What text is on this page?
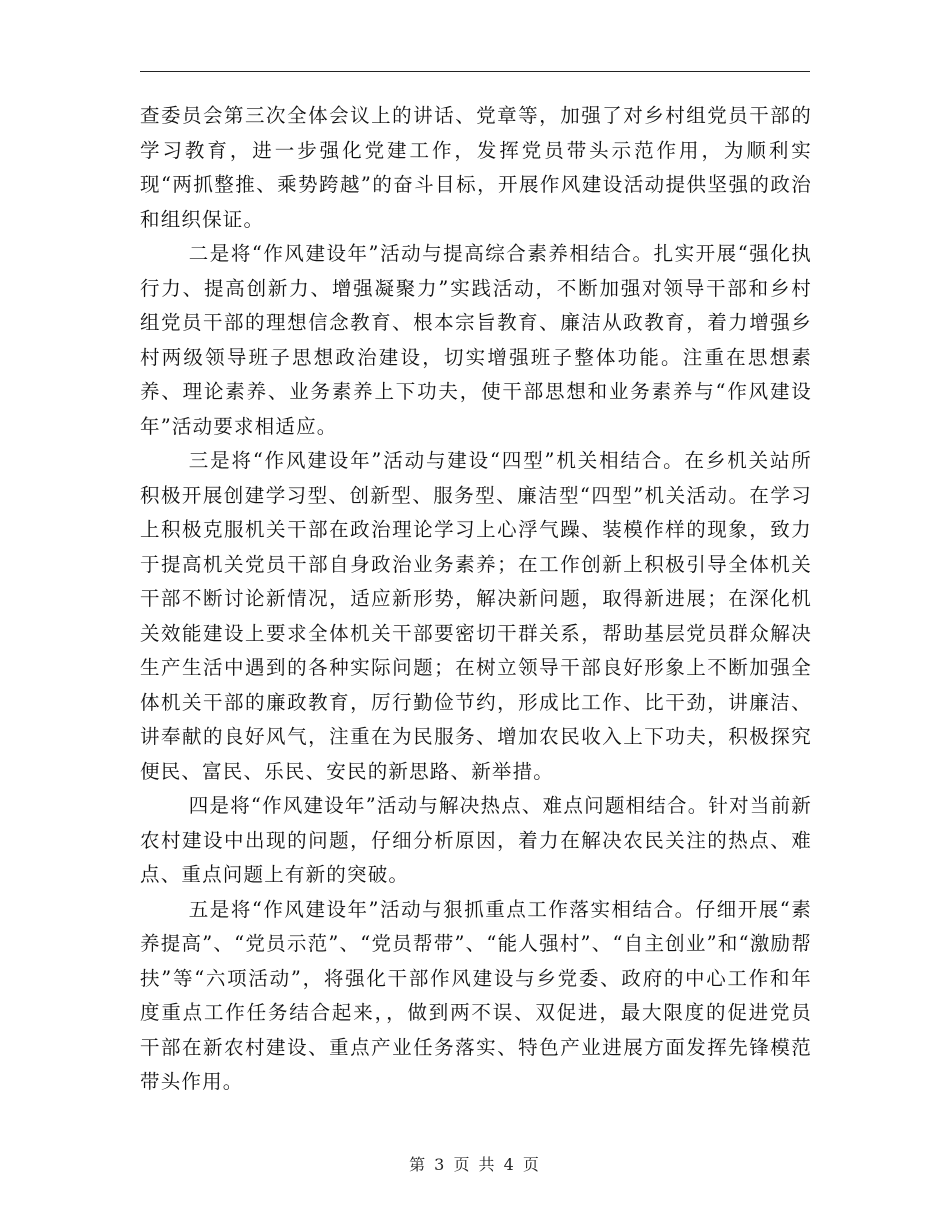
查委员会第三次全体会议上的讲话、党章等，加强了对乡村组党员干部的学习教育，进一步强化党建工作，发挥党员带头示范作用，为顺利实现“两抓整推、乘势跨越”的奋斗目标，开展作风建设活动提供坚强的政治和组织保证。

二是将“作风建设年”活动与提高综合素养相结合。扎实开展“强化执行力、提高创新力、增强凝聚力”实践活动，不断加强对领导干部和乡村组党员干部的理想信念教育、根本宗旨教育、廉洁从政教育，着力增强乡村两级领导班子思想政治建设，切实增强班子整体功能。注重在思想素养、理论素养、业务素养上下功夫，使干部思想和业务素养与“作风建设年”活动要求相适应。

三是将“作风建设年”活动与建设“四型”机关相结合。在乡机关站所积极开展创建学习型、创新型、服务型、廉洁型“四型”机关活动。在学习上积极克服机关干部在政治理论学习上心浮气躁、装模作样的现象，致力于提高机关党员干部自身政治业务素养；在工作创新上积极引导全体机关干部不断讨论新情况，适应新形势，解决新问题，取得新进展；在深化机关效能建设上要求全体机关干部要密切干群关系，帮助基层党员群众解决生产生活中遇到的各种实际问题；在树立领导干部良好形象上不断加强全体机关干部的廉政教育，厉行勤俭节约，形成比工作、比干劲，讲廉洁、讲奉献的良好风气，注重在为民服务、增加农民收入上下功夫，积极探究便民、富民、乐民、安民的新思路、新举措。

四是将“作风建设年”活动与解决热点、难点问题相结合。针对当前新农村建设中出现的问题，仔细分析原因，着力在解决农民关注的热点、难点、重点问题上有新的突破。

五是将“作风建设年”活动与狠抓重点工作落实相结合。仔细开展“素养提高”、“党员示范”、“党员帮带”、“能人强村”、“自主创业”和“激励帮扶”等“六项活动”，将强化干部作风建设与乡党委、政府的中心工作和年度重点工作任务结合起来，，做到两不误、双促进，最大限度的促进党员干部在新农村建设、重点产业任务落实、特色产业进展方面发挥先锋模范带头作用。

第 3 页 共 4 页
